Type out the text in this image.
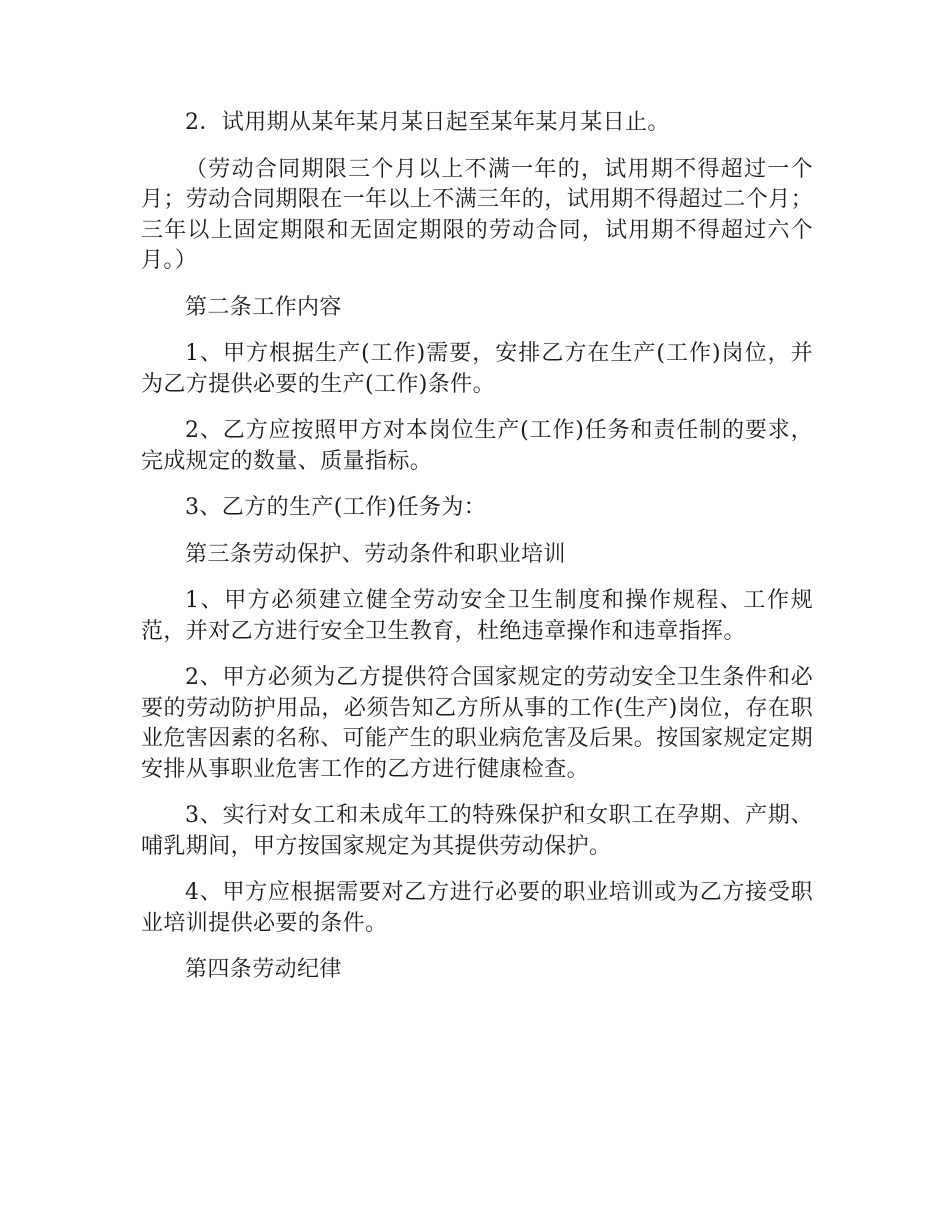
2．试用期从某年某月某日起至某年某月某日止。

（劳动合同期限三个月以上不满一年的，试用期不得超过一个月；劳动合同期限在一年以上不满三年的，试用期不得超过二个月；三年以上固定期限和无固定期限的劳动合同，试用期不得超过六个月。）

第二条工作内容

1、甲方根据生产(工作)需要，安排乙方在生产(工作)岗位，并为乙方提供必要的生产(工作)条件。

2、乙方应按照甲方对本岗位生产(工作)任务和责任制的要求，完成规定的数量、质量指标。

3、乙方的生产(工作)任务为：

第三条劳动保护、劳动条件和职业培训

1、甲方必须建立健全劳动安全卫生制度和操作规程、工作规范，并对乙方进行安全卫生教育，杜绝违章操作和违章指挥。

2、甲方必须为乙方提供符合国家规定的劳动安全卫生条件和必要的劳动防护用品，必须告知乙方所从事的工作(生产)岗位，存在职业危害因素的名称、可能产生的职业病危害及后果。按国家规定定期安排从事职业危害工作的乙方进行健康检查。

3、实行对女工和未成年工的特殊保护和女职工在孕期、产期、哺乳期间，甲方按国家规定为其提供劳动保护。

4、甲方应根据需要对乙方进行必要的职业培训或为乙方接受职业培训提供必要的条件。

第四条劳动纪律
